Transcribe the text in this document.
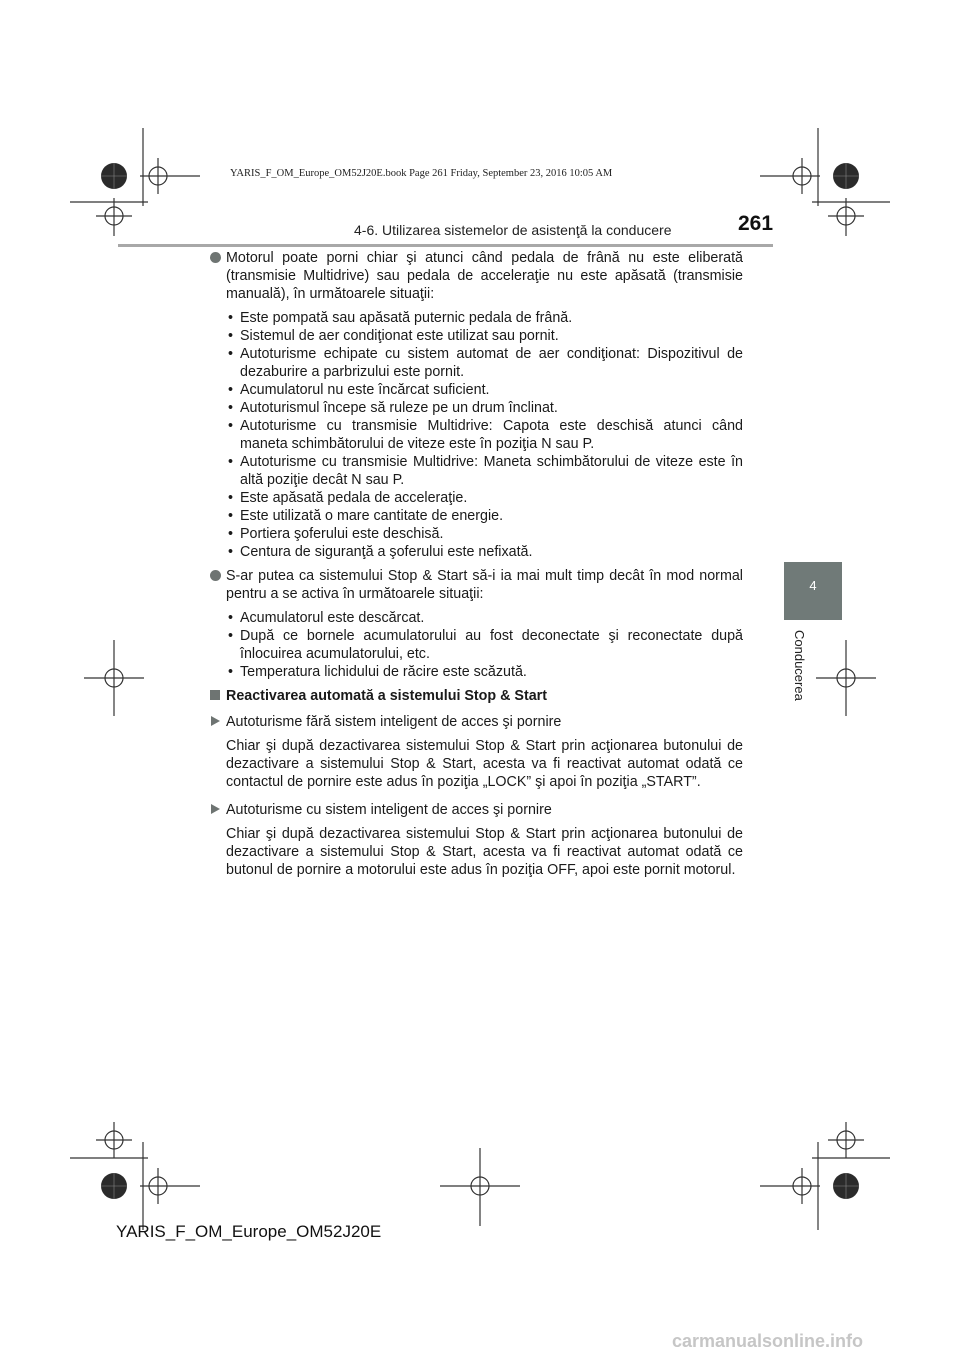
YARIS_F_OM_Europe_OM52J20E.book Page 261 Friday, September 23, 2016 10:05 AM
4-6. Utilizarea sistemelor de asistenţă la conducere	261
4
Conducerea

Motorul poate porni chiar şi atunci când pedala de frână nu este eliberată (transmisie Multidrive) sau pedala de acceleraţie nu este apăsată (transmisie manuală), în următoarele situaţii:

• Este pompată sau apăsată puternic pedala de frână.
• Sistemul de aer condiţionat este utilizat sau pornit.
• Autoturisme echipate cu sistem automat de aer condiţionat: Dispozitivul de dezaburire a parbrizului este pornit.
• Acumulatorul nu este încărcat suficient.
• Autoturismul începe să ruleze pe un drum înclinat.
• Autoturisme cu transmisie Multidrive: Capota este deschisă atunci când maneta schimbătorului de viteze este în poziţia N sau P.
• Autoturisme cu transmisie Multidrive: Maneta schimbătorului de viteze este în altă poziţie decât N sau P.
• Este apăsată pedala de acceleraţie.
• Este utilizată o mare cantitate de energie.
• Portiera şoferului este deschisă.
• Centura de siguranţă a şoferului este nefixată.

S-ar putea ca sistemului Stop & Start să-i ia mai mult timp decât în mod normal pentru a se activa în următoarele situaţii:

• Acumulatorul este descărcat.
• După ce bornele acumulatorului au fost deconectate şi reconectate după înlocuirea acumulatorului, etc.
• Temperatura lichidului de răcire este scăzută.

Reactivarea automată a sistemului Stop & Start

Autoturisme fără sistem inteligent de acces şi pornire

Chiar şi după dezactivarea sistemului Stop & Start prin acţionarea butonului de dezactivare a sistemului Stop & Start, acesta va fi reactivat automat odată ce contactul de pornire este adus în poziţia „LOCK” şi apoi în poziţia „START”.

Autoturisme cu sistem inteligent de acces şi pornire

Chiar şi după dezactivarea sistemului Stop & Start prin acţionarea butonului de dezactivare a sistemului Stop & Start, acesta va fi reactivat automat odată ce butonul de pornire a motorului este adus în poziţia OFF, apoi este pornit motorul.

YARIS_F_OM_Europe_OM52J20E
carmanualsonline.info
